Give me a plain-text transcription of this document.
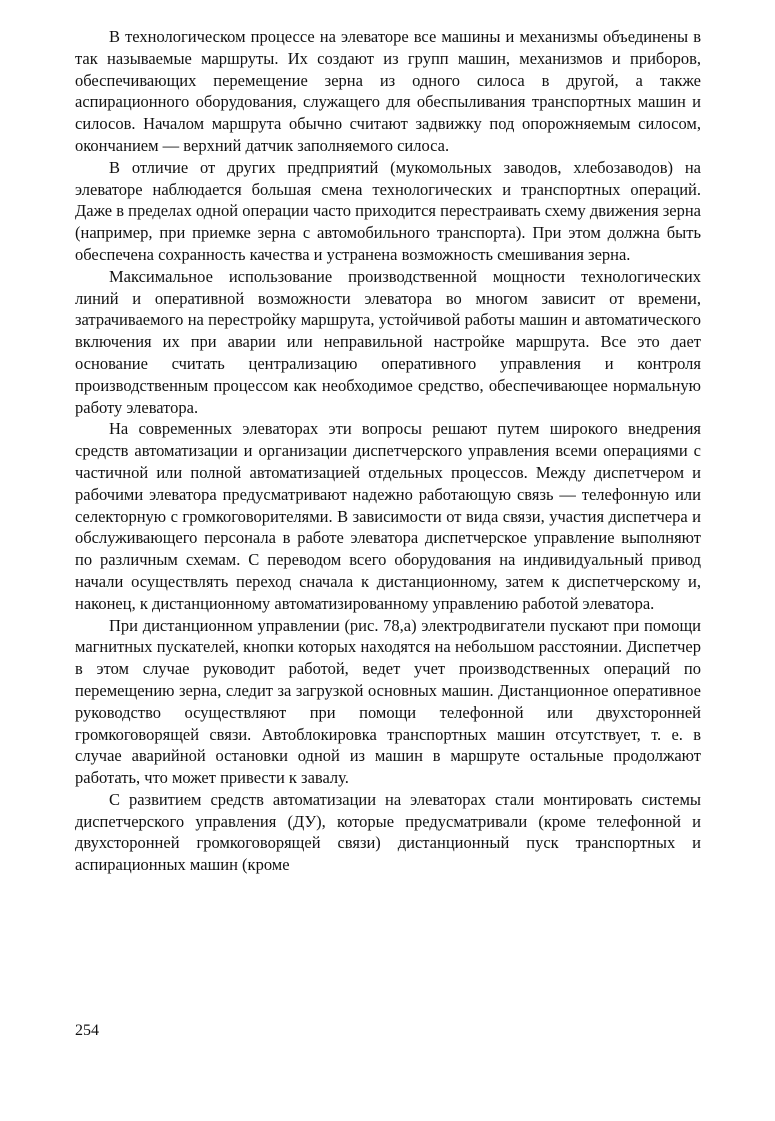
В технологическом процессе на элеваторе все машины и механизмы объединены в так называемые маршруты. Их создают из групп машин, механизмов и приборов, обеспечивающих перемещение зерна из одного силоса в другой, а также аспирационного оборудования, служащего для обеспыливания транспортных машин и силосов. Началом маршрута обычно считают задвижку под опорожняемым силосом, окончанием — верхний датчик заполняемого силоса.

В отличие от других предприятий (мукомольных заводов, хлебозаводов) на элеваторе наблюдается большая смена технологических и транспортных операций. Даже в пределах одной операции часто приходится перестраивать схему движения зерна (например, при приемке зерна с автомобильного транспорта). При этом должна быть обеспечена сохранность качества и устранена возможность смешивания зерна.

Максимальное использование производственной мощности технологических линий и оперативной возможности элеватора во многом зависит от времени, затрачиваемого на перестройку маршрута, устойчивой работы машин и автоматического включения их при аварии или неправильной настройке маршрута. Все это дает основание считать централизацию оперативного управления и контроля производственным процессом как необходимое средство, обеспечивающее нормальную работу элеватора.

На современных элеваторах эти вопросы решают путем широкого внедрения средств автоматизации и организации диспетчерского управления всеми операциями с частичной или полной автоматизацией отдельных процессов. Между диспетчером и рабочими элеватора предусматривают надежно работающую связь — телефонную или селекторную с громкоговорителями. В зависимости от вида связи, участия диспетчера и обслуживающего персонала в работе элеватора диспетчерское управление выполняют по различным схемам. С переводом всего оборудования на индивидуальный привод начали осуществлять переход сначала к дистанционному, затем к диспетчерскому и, наконец, к дистанционному автоматизированному управлению работой элеватора.

При дистанционном управлении (рис. 78,а) электродвигатели пускают при помощи магнитных пускателей, кнопки которых находятся на небольшом расстоянии. Диспетчер в этом случае руководит работой, ведет учет производственных операций по перемещению зерна, следит за загрузкой основных машин. Дистанционное оперативное руководство осуществляют при помощи телефонной или двухсторонней громкоговорящей связи. Автоблокировка транспортных машин отсутствует, т. е. в случае аварийной остановки одной из машин в маршруте остальные продолжают работать, что может привести к завалу.

С развитием средств автоматизации на элеваторах стали монтировать системы диспетчерского управления (ДУ), которые предусматривали (кроме телефонной и двухсторонней громкоговорящей связи) дистанционный пуск транспортных и аспирационных машин (кроме

254
